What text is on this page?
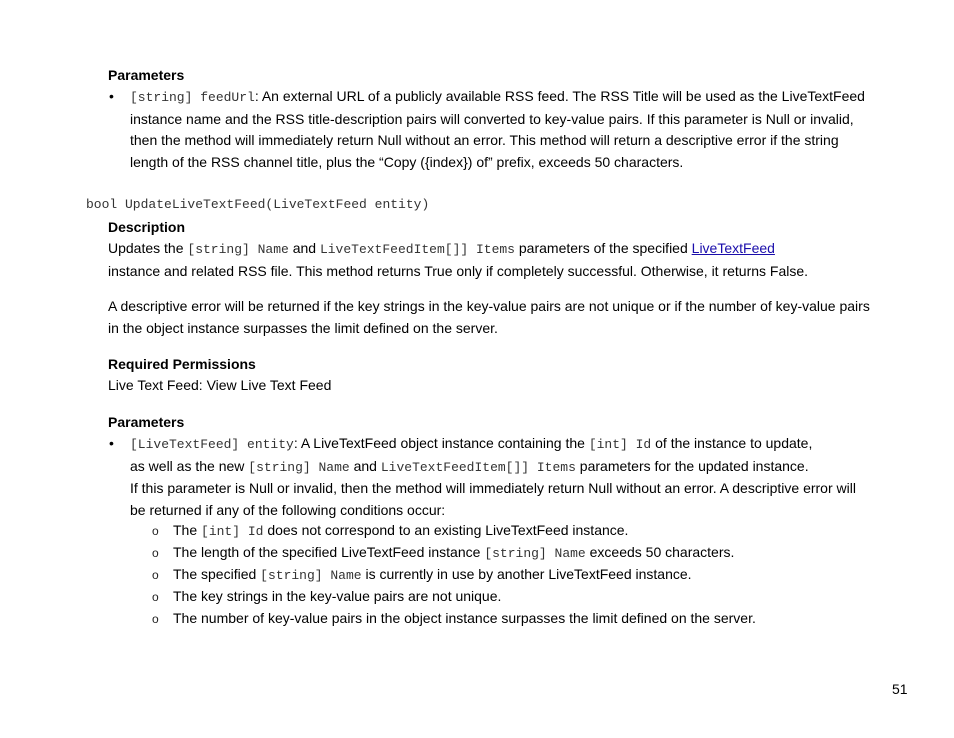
Parameters
• [string] feedUrl: An external URL of a publicly available RSS feed. The RSS Title will be used as the LiveTextFeed instance name and the RSS title-description pairs will converted to key-value pairs. If this parameter is Null or invalid, then the method will immediately return Null without an error. This method will return a descriptive error if the string length of the RSS channel title, plus the “Copy ({index}) of” prefix, exceeds 50 characters.
bool UpdateLiveTextFeed(LiveTextFeed entity)
Description
Updates the [string] Name and LiveTextFeedItem[]] Items parameters of the specified LiveTextFeed
instance and related RSS file. This method returns True only if completely successful. Otherwise, it returns False.
A descriptive error will be returned if the key strings in the key-value pairs are not unique or if the number of key-value pairs in the object instance surpasses the limit defined on the server.
Required Permissions
Live Text Feed: View Live Text Feed
Parameters
• [LiveTextFeed] entity: A LiveTextFeed object instance containing the [int] Id of the instance to update,
as well as the new [string] Name and LiveTextFeedItem[]] Items parameters for the updated instance.
If this parameter is Null or invalid, then the method will immediately return Null without an error. A descriptive error will be returned if any of the following conditions occur:
o The [int] Id does not correspond to an existing LiveTextFeed instance.
o The length of the specified LiveTextFeed instance [string] Name exceeds 50 characters.
o The specified [string] Name is currently in use by another LiveTextFeed instance.
o The key strings in the key-value pairs are not unique.
o The number of key-value pairs in the object instance surpasses the limit defined on the server.
51
